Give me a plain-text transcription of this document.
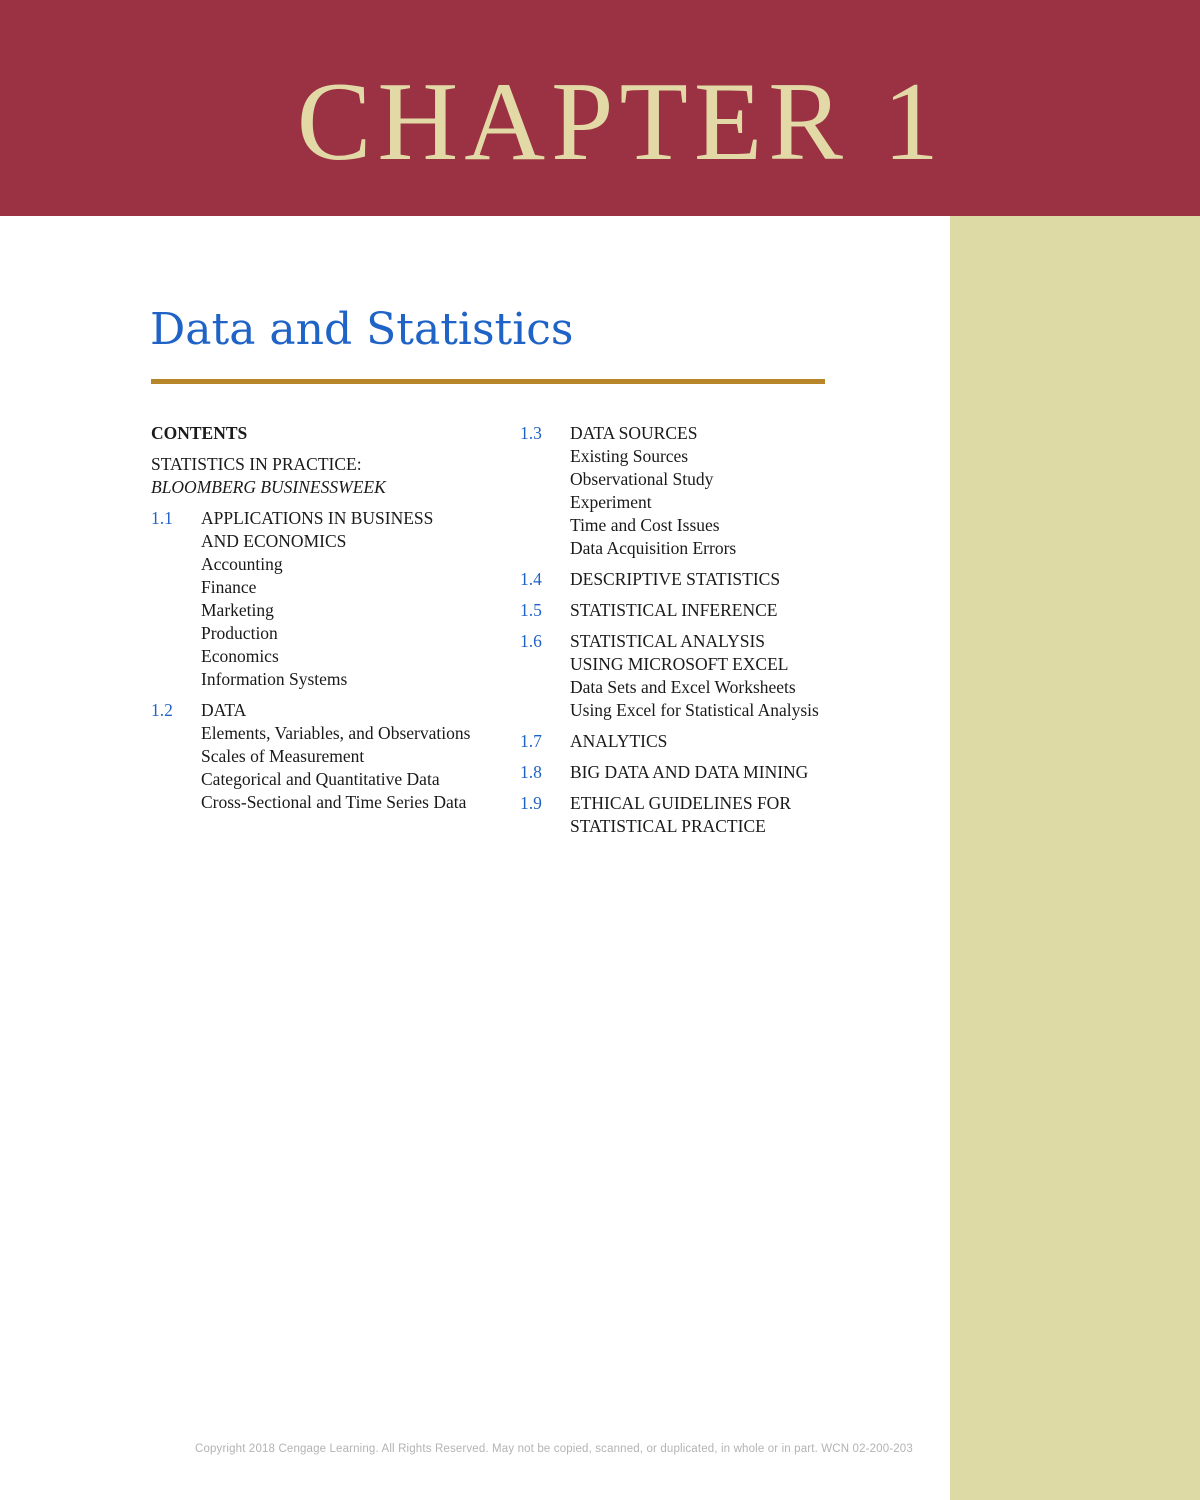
CHAPTER 1
Data and Statistics
CONTENTS
STATISTICS IN PRACTICE:
BLOOMBERG BUSINESSWEEK
1.1 APPLICATIONS IN BUSINESS
AND ECONOMICS
Accounting
Finance
Marketing
Production
Economics
Information Systems
1.2 DATA
Elements, Variables, and Observations
Scales of Measurement
Categorical and Quantitative Data
Cross-Sectional and Time Series Data
1.3 DATA SOURCES
Existing Sources
Observational Study
Experiment
Time and Cost Issues
Data Acquisition Errors
1.4 DESCRIPTIVE STATISTICS
1.5 STATISTICAL INFERENCE
1.6 STATISTICAL ANALYSIS
USING MICROSOFT EXCEL
Data Sets and Excel Worksheets
Using Excel for Statistical Analysis
1.7 ANALYTICS
1.8 BIG DATA AND DATA MINING
1.9 ETHICAL GUIDELINES FOR
STATISTICAL PRACTICE
Copyright 2018 Cengage Learning. All Rights Reserved. May not be copied, scanned, or duplicated, in whole or in part. WCN 02-200-203
